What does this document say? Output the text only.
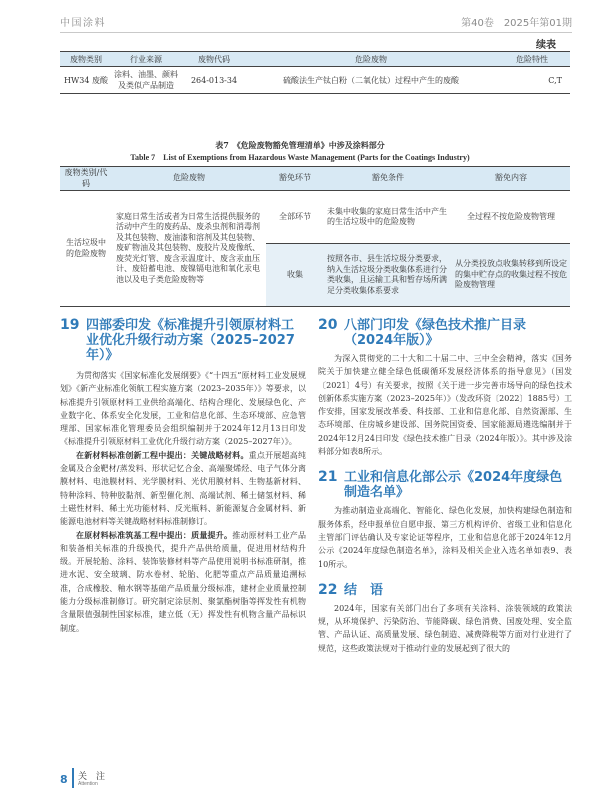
中国涂料	第40卷　2025年第01期
续表
废物类别	行业来源	废物代码	危险废物	危险特性
HW34 废酸	涂料、油墨、颜料及类似产品制造	264-013-34	硫酸法生产钛白粉（二氧化钛）过程中产生的废酸	C,T
表7　《危险废物豁免管理清单》中涉及涂料部分
Table 7　List of Exemptions from Hazardous Waste Management (Parts for the Coatings Industry)
废物类别/代码	危险废物	豁免环节	豁免条件	豁免内容
生活垃圾中的危险废物	家庭日常生活或者为日常生活提供服务的活动中产生的废药品、废杀虫剂和消毒剂及其包装物、废油漆和溶剂及其包装物、废矿物油及其包装物、废胶片及废像纸、废荧光灯管、废含汞温度计、废含汞血压计、废铅蓄电池、废镍镉电池和氧化汞电池以及电子类危险废物等	全部环节	未集中收集的家庭日常生活中产生的生活垃圾中的危险废物	全过程不按危险废物管理
		收集	按照各市、县生活垃圾分类要求，纳入生活垃圾分类收集体系进行分类收集，且运输工具和暂存场所满足分类收集体系要求	从分类投放点收集转移到所设定的集中贮存点的收集过程不按危险废物管理
19 四部委印发《标准提升引领原材料工业优化升级行动方案（2025–2027年）》

为贯彻落实《国家标准化发展纲要》《“十四五”原材料工业发展规划》《新产业标准化领航工程实施方案（2023–2035年）》等要求，以标准提升引领原材料工业供给高端化、结构合理化、发展绿色化、产业数字化、体系安全化发展，工业和信息化部、生态环境部、应急管理部、国家标准化管理委员会组织编制并于2024年12月13日印发《标准提升引领原材料工业优化升级行动方案（2025–2027年）》。

在新材料标准创新工程中提出：关键战略材料。重点开展超高纯金属及合金靶材/蒸发料、形状记忆合金、高端聚烯烃、电子气体分离膜材料、电池膜材料、光学膜材料、光伏用膜材料、生物基新材料、特种涂料、特种胶黏剂、新型催化剂、高端试剂、稀土储氢材料、稀土磁性材料、稀土光功能材料、反光瓶料、新能源复合金属材料、新能源电池材料等关键战略材料标准制修订。

在原材料标准筑基工程中提出：质量提升。推动原材料工业产品和装备相关标准的升级换代，提升产品供给质量，促进用材结构升级。开展轮胎、涂料、装饰装修材料等产品使用说明书标准研制，推进水泥、安全玻璃、防水卷材、轮胎、化肥等重点产品质量追溯标准，合成橡胶、釉水钢等基础产品质量分级标准，建材企业质量控制能力分级标准制修订。研究制定涂层剂、聚氯酯树脂等挥发性有机物含量限值强制性国家标准，建立低（无）挥发性有机物含量产品标识制度。

20 八部门印发《绿色技术推广目录（2024年版）》

为深入贯彻党的二十大和二十届二中、三中全会精神，落实《国务院关于加快建立健全绿色低碳循环发展经济体系的指导意见》（国发〔2021〕4号）有关要求，按照《关于进一步完善市场导向的绿色技术创新体系实施方案（2023–2025年）》（发改环资〔2022〕1885号）工作安排，国家发展改革委、科技部、工业和信息化部、自然资源部、生态环境部、住房城乡建设部、国务院国资委、国家能源局遴选编制并于2024年12月24日印发《绿色技术推广目录（2024年版）》。其中涉及涂料部分如表8所示。

21 工业和信息化部公示《2024年度绿色制造名单》

为推动制造业高端化、智能化、绿色化发展，加快构建绿色制造和服务体系，经申报单位自愿申报、第三方机构评价、省级工业和信息化主管部门评估确认及专家论证等程序，工业和信息化部于2024年12月公示《2024年度绿色制造名单》，涂料及相关企业入选名单如表9、表10所示。

22 结　语

2024年，国家有关部门出台了多项有关涂料、涂装领域的政策法规，从环境保护、污染防治、节能降碳、绿色消费、国废处理、安全监管、产品认证、高质量发展、绿色制造、减费降税等方面对行业进行了规范，这些政策法规对于推动行业的发展起到了很大的

8 关　注
Attention
